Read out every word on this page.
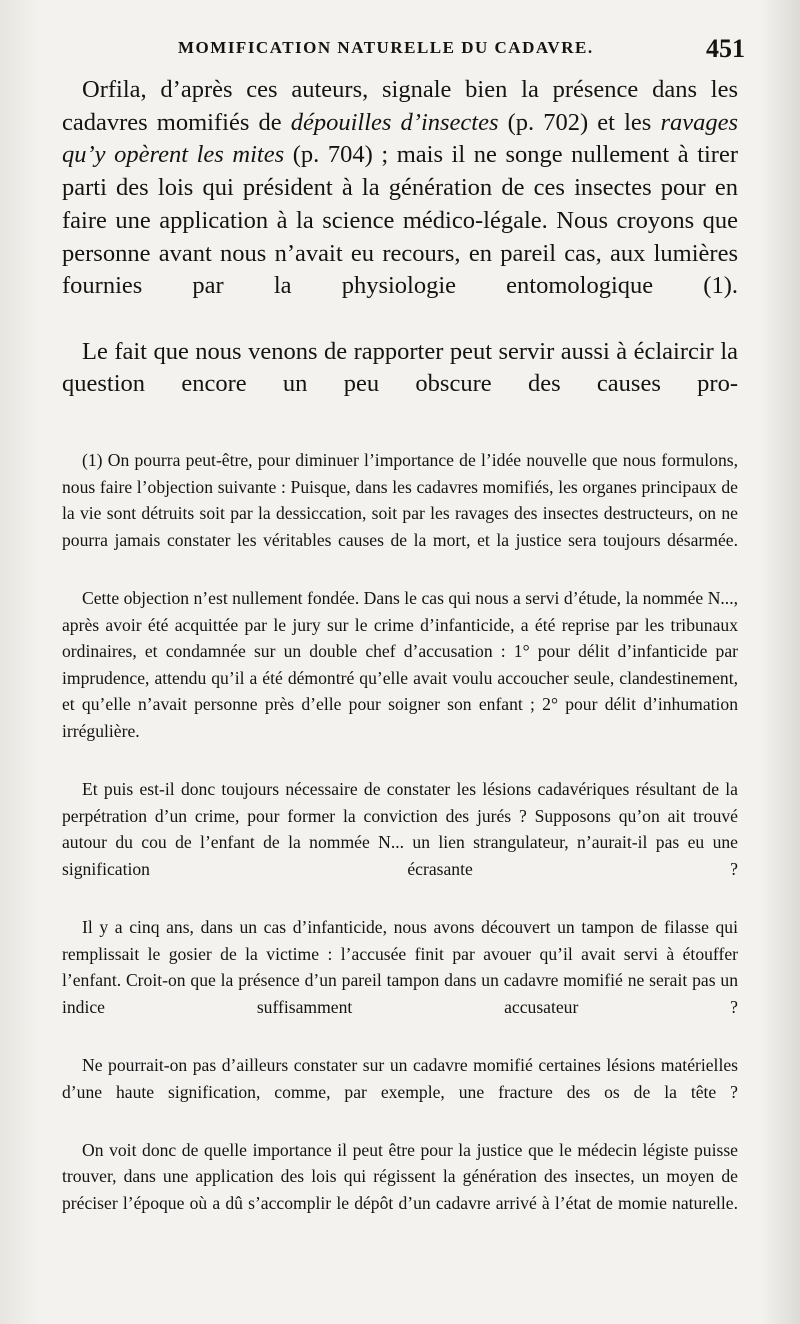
MOMIFICATION NATURELLE DU CADAVRE.	451

Orfila, d’après ces auteurs, signale bien la présence dans les cadavres momifiés de dépouilles d’insectes (p. 702) et les ravages qu’y opèrent les mites (p. 704) ; mais il ne songe nullement à tirer parti des lois qui président à la génération de ces insectes pour en faire une application à la science médico-légale. Nous croyons que personne avant nous n’avait eu recours, en pareil cas, aux lumières fournies par la physiologie entomologique (1).

Le fait que nous venons de rapporter peut servir aussi à éclaircir la question encore un peu obscure des causes pro-

(1) On pourra peut-être, pour diminuer l’importance de l’idée nouvelle que nous formulons, nous faire l’objection suivante : Puisque, dans les cadavres momifiés, les organes principaux de la vie sont détruits soit par la dessiccation, soit par les ravages des insectes destructeurs, on ne pourra jamais constater les véritables causes de la mort, et la justice sera toujours désarmée.

Cette objection n’est nullement fondée. Dans le cas qui nous a servi d’étude, la nommée N..., après avoir été acquittée par le jury sur le crime d’infanticide, a été reprise par les tribunaux ordinaires, et condamnée sur un double chef d’accusation : 1° pour délit d’infanticide par imprudence, attendu qu’il a été démontré qu’elle avait voulu accoucher seule, clandestinement, et qu’elle n’avait personne près d’elle pour soigner son enfant ; 2° pour délit d’inhumation irrégulière.

Et puis est-il donc toujours nécessaire de constater les lésions cadavériques résultant de la perpétration d’un crime, pour former la conviction des jurés ? Supposons qu’on ait trouvé autour du cou de l’enfant de la nommée N... un lien strangulateur, n’aurait-il pas eu une signification écrasante ?

Il y a cinq ans, dans un cas d’infanticide, nous avons découvert un tampon de filasse qui remplissait le gosier de la victime : l’accusée finit par avouer qu’il avait servi à étouffer l’enfant. Croit-on que la présence d’un pareil tampon dans un cadavre momifié ne serait pas un indice suffisamment accusateur ?

Ne pourrait-on pas d’ailleurs constater sur un cadavre momifié certaines lésions matérielles d’une haute signification, comme, par exemple, une fracture des os de la tête ?

On voit donc de quelle importance il peut être pour la justice que le médecin légiste puisse trouver, dans une application des lois qui régissent la génération des insectes, un moyen de préciser l’époque où a dû s’accomplir le dépôt d’un cadavre arrivé à l’état de momie naturelle.
